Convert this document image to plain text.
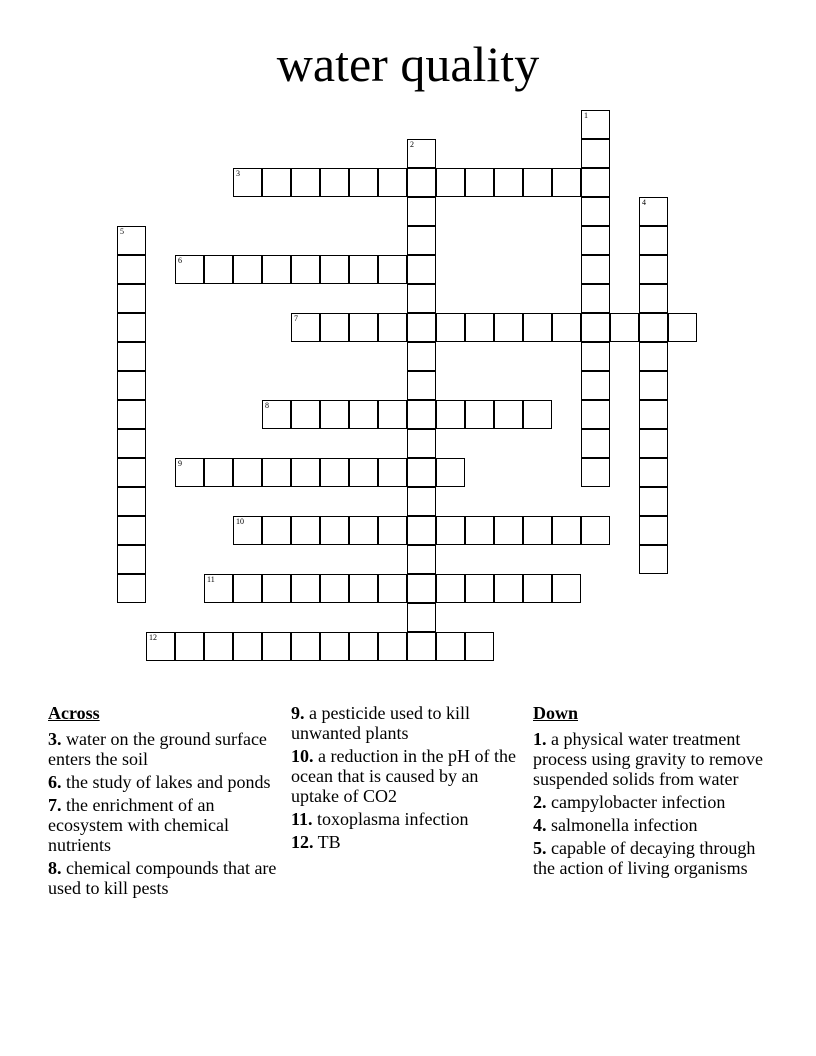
water quality
1
2
3
4
5
6
7
8
9
10
11
12
Across
3. water on the ground surface enters the soil
6. the study of lakes and ponds
7. the enrichment of an ecosystem with chemical nutrients
8. chemical compounds that are used to kill pests
9. a pesticide used to kill unwanted plants
10. a reduction in the pH of the ocean that is caused by an uptake of CO2
11. toxoplasma infection
12. TB
Down
1. a physical water treatment process using gravity to remove suspended solids from water
2. campylobacter infection
4. salmonella infection
5. capable of decaying through the action of living organisms
